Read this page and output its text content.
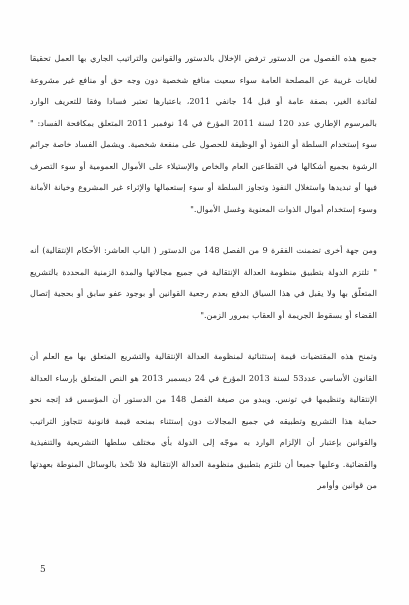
جميع هذه الفصول من الدستور ترفض الإخلال بالدستور والقوانين والتراتيب الجاري بها العمل تحقيقا لغايات غريبة عن المصلحة العامة سواء سعيت منافع شخصية دون وجه حق أو منافع غير مشروعة لفائدة الغير، بصفة عامة أو قبل 14 جانفي 2011، باعتبارها تعتبر فسادا وفقا للتعريف الوارد بالمرسوم الإطاري عدد 120 لسنة 2011 المؤرخ في 14 نوفمبر 2011 المتعلق بمكافحة الفساد: " سوء إستخدام السلطة أو النفوذ أو الوظيفة للحصول على منفعة شخصية. ويشمل الفساد خاصة جرائم الرشوة بجميع أشكالها في القطاعين العام والخاص والإستيلاء على الأموال العمومية أو سوء التصرف فيها أو تبديدها واستغلال النفوذ وتجاوز السلطة أو سوء إستعمالها والإثراء غير المشروع وخيانة الأمانة وسوء إستخدام أموال الذوات المعنوية وغسل الأموال."

ومن جهة أخرى تضمنت الفقرة 9 من الفصل 148 من الدستور ( الباب العاشر: الأحكام الإنتقالية) أنه " تلتزم الدولة بتطبيق منظومة العدالة الإنتقالية في جميع مجالاتها والمدة الزمنية المحددة بالتشريع المتعلّق بها ولا يقبل في هذا السياق الدفع بعدم رجعية القوانين أو بوجود عفو سابق أو بحجية إتصال القضاء أو بسقوط الجريمة أو العقاب بمرور الزمن."

وتمنح هذه المقتضيات قيمة إستثنائية لمنظومة العدالة الإنتقالية والتشريع المتعلق بها مع العلم أن القانون الأساسي عدد53 لسنة 2013 المؤرخ في 24 ديسمبر 2013 هو النص المتعلق بإرساء العدالة الإنتقالية وتنظيمها في تونس. ويبدو من صيغة الفصل 148 من الدستور أن المؤسس قد إتجه نحو حماية هذا التشريع وتطبيقه في جميع المجالات دون إستثناء بمنحه قيمة قانونية تتجاوز التراتيب والقوانين بإعتبار أن الإلزام الوارد به موجّه إلى الدولة بأي مختلف سلطها التشريعية والتنفيذية والقضائية. وعليها جميعا أن تلتزم بتطبيق منظومة العدالة الإنتقالية فلا تتّخذ بالوسائل المنوطة بعهدتها من قوانين وأوامر

5
